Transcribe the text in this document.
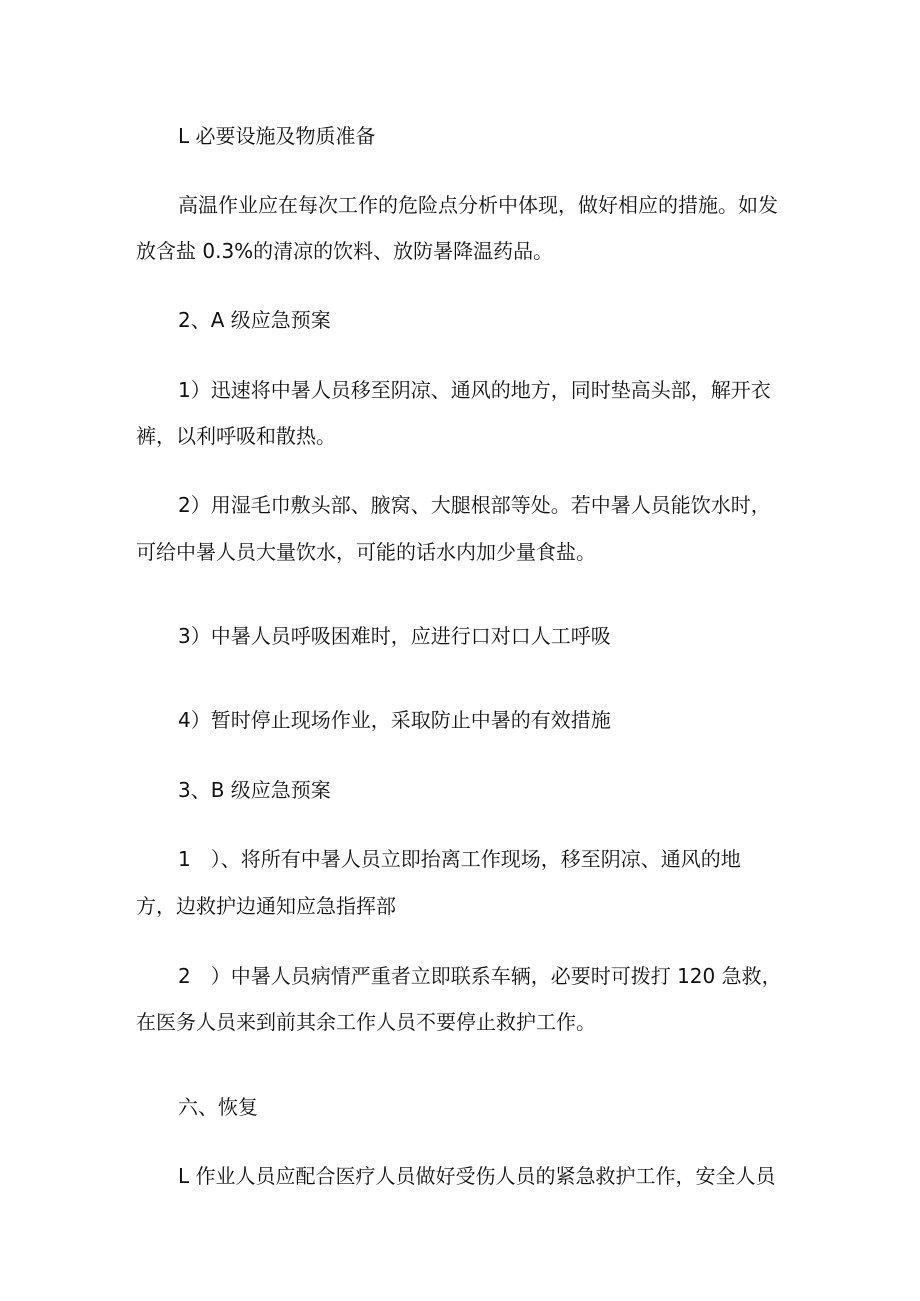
L 必要设施及物质准备
高温作业应在每次工作的危险点分析中体现，做好相应的措施。如发
放含盐 0.3%的清凉的饮料、放防暑降温药品。
2、A 级应急预案
1）迅速将中暑人员移至阴凉、通风的地方，同时垫高头部，解开衣
裤，以利呼吸和散热。
2）用湿毛巾敷头部、腋窝、大腿根部等处。若中暑人员能饮水时，
可给中暑人员大量饮水，可能的话水内加少量食盐。
3）中暑人员呼吸困难时，应进行口对口人工呼吸
4）暂时停止现场作业，采取防止中暑的有效措施
3、B 级应急预案
1　）、将所有中暑人员立即抬离工作现场，移至阴凉、通风的地
方，边救护边通知应急指挥部
2　）中暑人员病情严重者立即联系车辆，必要时可拨打 120 急救，
在医务人员来到前其余工作人员不要停止救护工作。
六、恢复
L 作业人员应配合医疗人员做好受伤人员的紧急救护工作，安全人员
